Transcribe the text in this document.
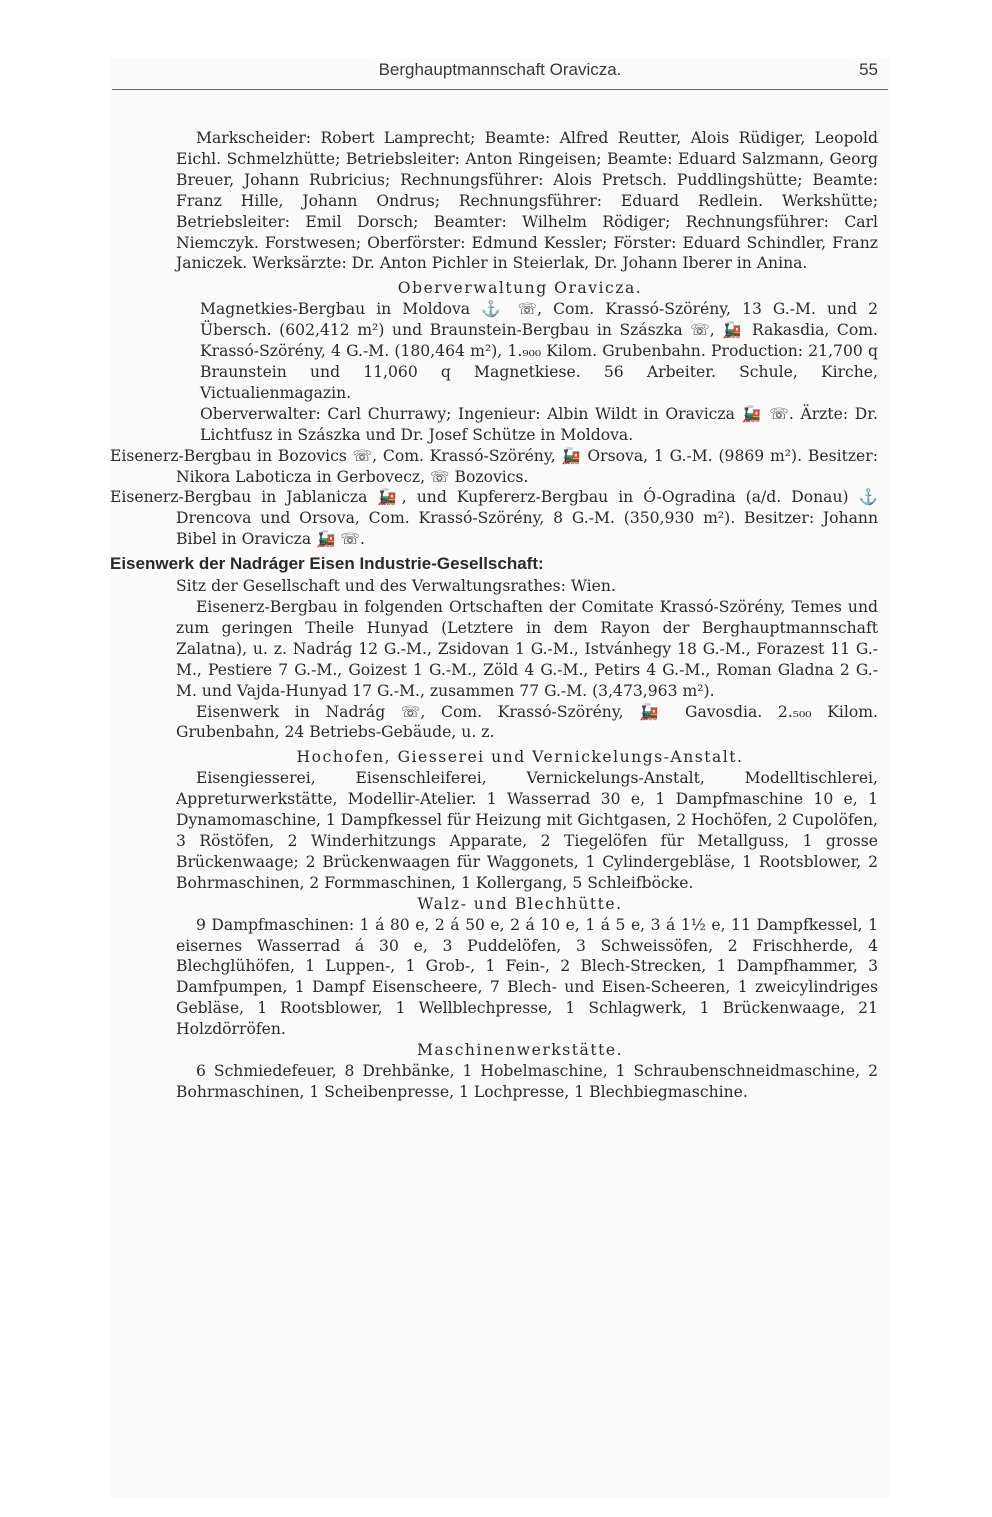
Berghauptmannschaft Oravicza.	55

Markscheider: Robert Lamprecht; Beamte: Alfred Reutter, Alois Rüdiger, Leopold Eichl. Schmelzhütte; Betriebsleiter: Anton Ringeisen; Beamte: Eduard Salzmann, Georg Breuer, Johann Rubricius; Rechnungsführer: Alois Pretsch. Puddlingshütte; Beamte: Franz Hille, Johann Ondrus; Rechnungsführer: Eduard Redlein. Werkshütte; Betriebsleiter: Emil Dorsch; Beamter: Wilhelm Rödiger; Rechnungsführer: Carl Niemczyk. Forstwesen; Oberförster: Edmund Kessler; Förster: Eduard Schindler, Franz Janiczek. Werksärzte: Dr. Anton Pichler in Steierlak, Dr. Johann Iberer in Anina.

Oberverwaltung Oravicza.

Magnetkies-Bergbau in Moldova ⚓ ☏, Com. Krassó-Szörény, 13 G.-M. und 2 Übersch. (602,412 m²) und Braunstein-Bergbau in Szászka ☏, 🚂 Rakasdia, Com. Krassó-Szörény, 4 G.-M. (180,464 m²), 1.₉₀₀ Kilom. Grubenbahn. Production: 21,700 q Braunstein und 11,060 q Magnetkiese. 56 Arbeiter. Schule, Kirche, Victualienmagazin.

Oberverwalter: Carl Churrawy; Ingenieur: Albin Wildt in Oravicza 🚂 ☏. Ärzte: Dr. Lichtfusz in Szászka und Dr. Josef Schütze in Moldova.

Eisenerz-Bergbau in Bozovics ☏, Com. Krassó-Szörény, 🚂 Orsova, 1 G.-M. (9869 m²). Besitzer: Nikora Laboticza in Gerbovecz, ☏ Bozovics.

Eisenerz-Bergbau in Jablanicza 🚂, und Kupfererz-Bergbau in Ó-Ogradina (a/d. Donau) ⚓ Drencova und Orsova, Com. Krassó-Szörény, 8 G.-M. (350,930 m²). Besitzer: Johann Bibel in Oravicza 🚂 ☏.

Eisenwerk der Nadráger Eisen Industrie-Gesellschaft:

Sitz der Gesellschaft und des Verwaltungsrathes: Wien.

Eisenerz-Bergbau in folgenden Ortschaften der Comitate Krassó-Szörény, Temes und zum geringen Theile Hunyad (Letztere in dem Rayon der Berghauptmannschaft Zalatna), u. z. Nadrág 12 G.-M., Zsidovan 1 G.-M., Istvánhegy 18 G.-M., Forazest 11 G.-M., Pestiere 7 G.-M., Goizest 1 G.-M., Zöld 4 G.-M., Petirs 4 G.-M., Roman Gladna 2 G.-M. und Vajda-Hunyad 17 G.-M., zusammen 77 G.-M. (3,473,963 m²).

Eisenwerk in Nadrág ☏, Com. Krassó-Szörény, 🚂 Gavosdia. 2.₅₀₀ Kilom. Grubenbahn, 24 Betriebs-Gebäude, u. z.

Hochofen, Giesserei und Vernickelungs-Anstalt.

Eisengiesserei, Eisenschleiferei, Vernickelungs-Anstalt, Modelltischlerei, Appreturwerkstätte, Modellir-Atelier. 1 Wasserrad 30 e, 1 Dampfmaschine 10 e, 1 Dynamomaschine, 1 Dampfkessel für Heizung mit Gichtgasen, 2 Hochöfen, 2 Cupolöfen, 3 Röstöfen, 2 Winderhitzungs Apparate, 2 Tiegelöfen für Metallguss, 1 grosse Brückenwaage; 2 Brückenwaagen für Waggonets, 1 Cylindergebläse, 1 Rootsblower, 2 Bohrmaschinen, 2 Formmaschinen, 1 Kollergang, 5 Schleifböcke.

Walz- und Blechhütte.

9 Dampfmaschinen: 1 á 80 e, 2 á 50 e, 2 á 10 e, 1 á 5 e, 3 á 1½ e, 11 Dampfkessel, 1 eisernes Wasserrad á 30 e, 3 Puddelöfen, 3 Schweissöfen, 2 Frischherde, 4 Blechglühöfen, 1 Luppen-, 1 Grob-, 1 Fein-, 2 Blech-Strecken, 1 Dampfhammer, 3 Damfpumpen, 1 Dampf Eisenscheere, 7 Blech- und Eisen-Scheeren, 1 zweicylindriges Gebläse, 1 Rootsblower, 1 Wellblechpresse, 1 Schlagwerk, 1 Brückenwaage, 21 Holzdörröfen.

Maschinenwerkstätte.

6 Schmiedefeuer, 8 Drehbänke, 1 Hobelmaschine, 1 Schraubenschneidmaschine, 2 Bohrmaschinen, 1 Scheibenpresse, 1 Lochpresse, 1 Blechbiegmaschine.
